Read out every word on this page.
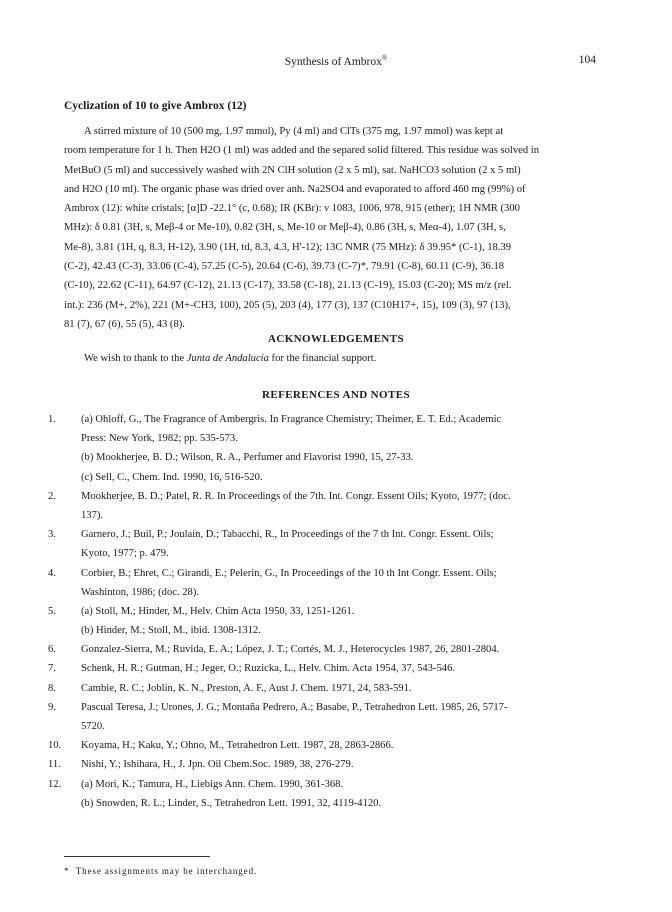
Synthesis of Ambrox®	104
Cyclization of 10 to give Ambrox (12)
A stirred mixture of 10 (500 mg, 1.97 mmol), Py (4 ml) and ClTs (375 mg, 1.97 mmol) was kept at
room temperature for 1 h. Then H2O (1 ml) was added and the separed solid filtered. This residue was solved in
MetBuO (5 ml) and successively washed with 2N ClH solution (2 x 5 ml), sat. NaHCO3 solution (2 x 5 ml)
and H2O (10 ml). The organic phase was dried over anh. Na2SO4 and evaporated to afford 460 mg (99%) of
Ambrox (12): white cristals; [α]D -22.1° (c, 0.68); IR (KBr): ν 1083, 1006, 978, 915 (ether); 1H NMR (300
MHz): δ 0.81 (3H, s, Meβ-4 or Me-10), 0.82 (3H, s, Me-10 or Meβ-4), 0.86 (3H, s, Meα-4), 1.07 (3H, s,
Me-8), 3.81 (1H, q, 8.3, H-12), 3.90 (1H, td, 8.3, 4.3, H'-12); 13C NMR (75 MHz): δ 39.95* (C-1), 18.39
(C-2), 42.43 (C-3), 33.06 (C-4), 57.25 (C-5), 20.64 (C-6), 39.73 (C-7)*, 79.91 (C-8), 60.11 (C-9), 36.18
(C-10), 22.62 (C-11), 64.97 (C-12), 21.13 (C-17), 33.58 (C-18), 21.13 (C-19), 15.03 (C-20); MS m/z (rel.
int.): 236 (M+, 2%), 221 (M+-CH3, 100), 205 (5), 203 (4), 177 (3), 137 (C10H17+, 15), 109 (3), 97 (13),
81 (7), 67 (6), 55 (5), 43 (8).
ACKNOWLEDGEMENTS
We wish to thank to the Junta de Andalucía for the financial support.
REFERENCES AND NOTES
1.	(a) Ohloff, G., The Fragrance of Ambergris. In Fragrance Chemistry; Theimer, E. T. Ed.; Academic
Press: New York, 1982; pp. 535-573.
(b) Mookherjee, B. D.; Wilson, R. A., Perfumer and Flavorist 1990, 15, 27-33.
(c) Sell, C., Chem. Ind. 1990, 16, 516-520.
2.	Mookherjee, B. D.; Patel, R. R. In Proceedings of the 7th. Int. Congr. Essent Oils; Kyoto, 1977; (doc.
137).
3.	Garnero, J.; Buil, P.; Joulain, D.; Tabacchi, R., In Proceedings of the 7 th Int. Congr. Essent. Oils;
Kyoto, 1977; p. 479.
4.	Corbier, B.; Ehret, C.; Girandi, E.; Pelerin, G., In Proceedings of the 10 th Int Congr. Essent. Oils;
Washinton, 1986; (doc. 28).
5.	(a) Stoll, M.; Hinder, M., Helv. Chim Acta 1950, 33, 1251-1261.
(b) Hinder, M.; Stoll, M., ibid. 1308-1312.
6.	Gonzalez-Sierra, M.; Ruvida, E. A.; López, J. T.; Cortés, M. J., Heterocycles 1987, 26, 2801-2804.
7.	Schenk, H. R.; Gutman, H.; Jeger, O.; Ruzicka, L., Helv. Chim. Acta 1954, 37, 543-546.
8.	Cambie, R. C.; Joblin, K. N., Preston, A. F., Aust J. Chem. 1971, 24, 583-591.
9.	Pascual Teresa, J.; Urones, J. G.; Montaña Pedrero, A.; Basabe, P., Tetrahedron Lett. 1985, 26, 5717-
5720.
10.	Koyama, H.; Kaku, Y.; Ohno, M., Tetrahedron Lett. 1987, 28, 2863-2866.
11.	Nishi, Y.; Ishihara, H., J. Jpn. Oil Chem.Soc. 1989, 38, 276-279.
12.	(a) Mori, K.; Tamura, H., Liebigs Ann. Chem. 1990, 361-368.
(b) Snowden, R. L.; Linder, S., Tetrahedron Lett. 1991, 32, 4119-4120.
* These assignments may be interchanged.
